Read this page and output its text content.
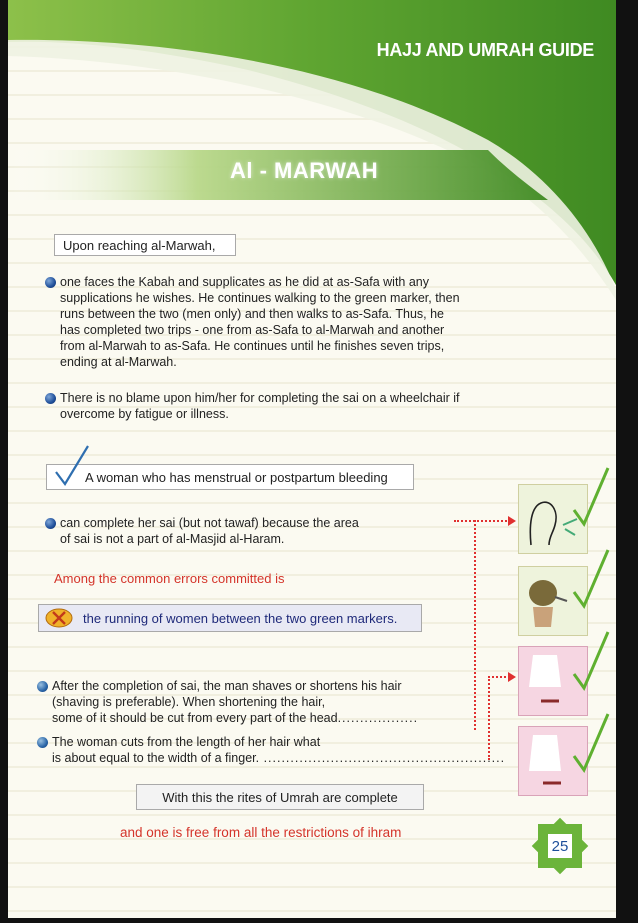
HAJJ AND UMRAH GUIDE
Al - MARWAH
Upon reaching al-Marwah,
one faces the Kabah and supplicates as he did at as-Safa with any
supplications he wishes. He continues walking to the green marker, then
runs between the two (men only) and then walks to as-Safa. Thus, he
has completed two trips - one from as-Safa to al-Marwah and another
from al-Marwah to as-Safa. He continues until he finishes seven trips,
ending at al-Marwah.
There is no blame upon him/her for completing the sai on a wheelchair if
overcome by fatigue or illness.
A woman who has menstrual or postpartum bleeding
can complete her sai (but not tawaf) because the area
of sai is not a part of al-Masjid al-Haram.
Among the common errors committed is
the running of women between the two green markers.
After the completion of sai, the man shaves or shortens his hair
(shaving is preferable). When shortening the hair,
some of it should be cut from every part of the head..................
The woman cuts from the length of her hair what
is about equal to the width of a finger. ......................................................
With this the rites of Umrah are complete
and one is free from all the restrictions of ihram
25
